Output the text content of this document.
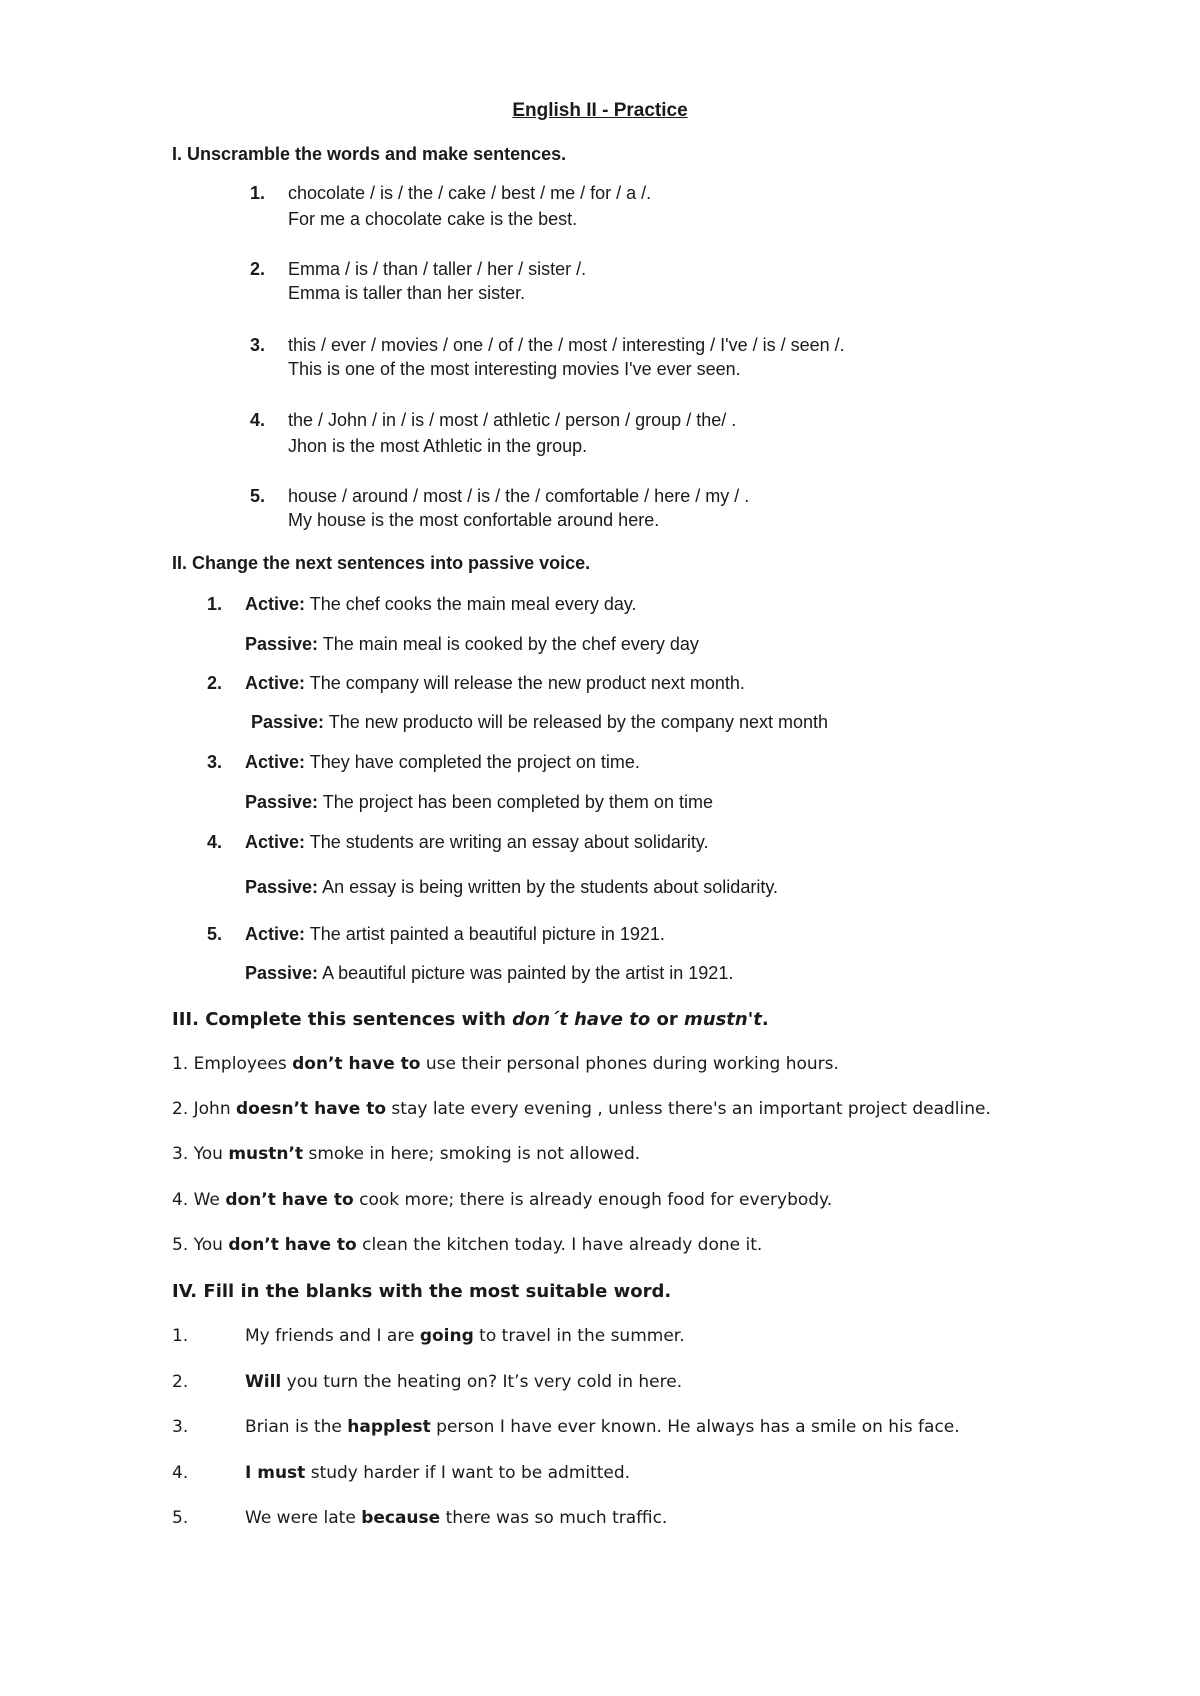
English II - Practice
I. Unscramble the words and make sentences.
1. chocolate / is / the / cake / best / me / for / a /.
For me a chocolate cake is the best.
2. Emma / is / than / taller / her / sister /.
Emma is taller than her sister.
3. this / ever / movies / one / of / the / most / interesting / I've / is / seen /.
This is one of the most interesting movies I've ever seen.
4. the / John / in / is / most / athletic / person / group / the/ .
Jhon is the most Athletic in the group.
5. house / around / most / is / the / comfortable / here / my / .
My house is the most confortable around here.
II. Change the next sentences into passive voice.
1. Active: The chef cooks the main meal every day.
Passive: The main meal is cooked by the chef every day
2. Active: The company will release the new product next month.
Passive: The new producto will be released by the company next month
3. Active: They have completed the project on time.
Passive: The project has been completed by them on time
4. Active: The students are writing an essay about solidarity.
Passive: An essay is being written by the students about solidarity.
5. Active: The artist painted a beautiful picture in 1921.
Passive: A beautiful picture was painted by the artist in 1921.
III. Complete this sentences with don´t have to or mustn't.
1. Employees don’t have to use their personal phones during working hours.
2. John doesn’t have to stay late every evening , unless there's an important project deadline.
3. You mustn’t smoke in here; smoking is not allowed.
4. We don’t have to cook more; there is already enough food for everybody.
5. You don’t have to clean the kitchen today. I have already done it.
IV. Fill in the blanks with the most suitable word.
1.	My friends and I are going to travel in the summer.
2.	Will you turn the heating on? It’s very cold in here.
3.	Brian is the happlest person I have ever known. He always has a smile on his face.
4.	I must study harder if I want to be admitted.
5.	We were late because there was so much traffic.
